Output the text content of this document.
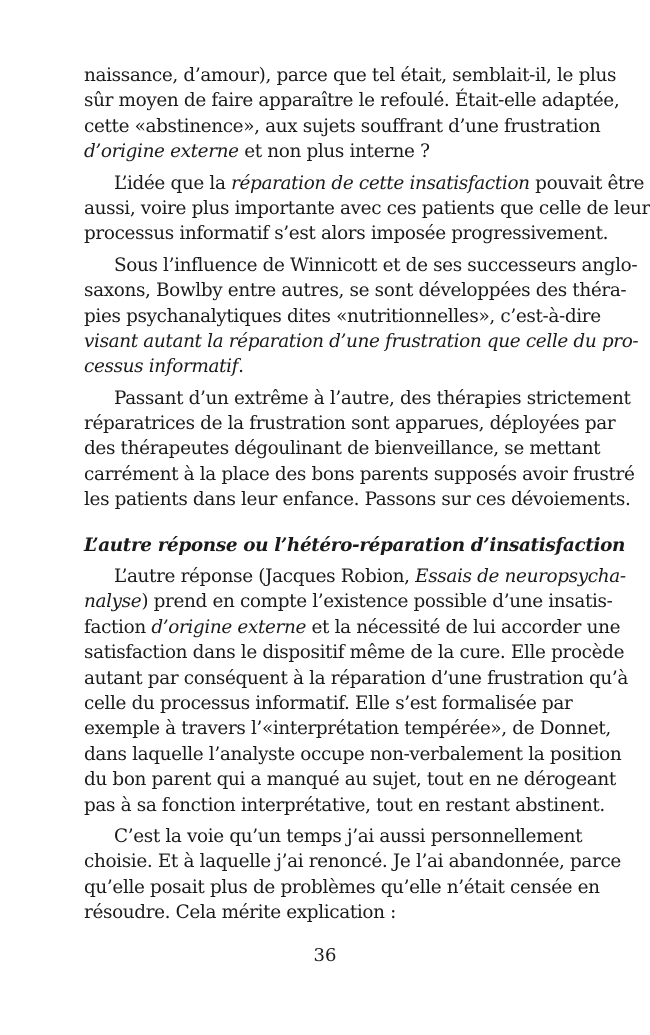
naissance, d’amour), parce que tel était, semblait-il, le plus
sûr moyen de faire apparaître le refoulé. Était-elle adaptée,
cette «abstinence», aux sujets souffrant d’une frustration
d’origine externe et non plus interne ?
L’idée que la réparation de cette insatisfaction pouvait être
aussi, voire plus importante avec ces patients que celle de leur
processus informatif s’est alors imposée progressivement.
Sous l’influence de Winnicott et de ses successeurs anglo-
saxons, Bowlby entre autres, se sont développées des théra-
pies psychanalytiques dites «nutritionnelles», c’est-à-dire
visant autant la réparation d’une frustration que celle du pro-
cessus informatif.
Passant d’un extrême à l’autre, des thérapies strictement
réparatrices de la frustration sont apparues, déployées par
des thérapeutes dégoulinant de bienveillance, se mettant
carrément à la place des bons parents supposés avoir frustré
les patients dans leur enfance. Passons sur ces dévoiements.
L’autre réponse ou l’hétéro-réparation d’insatisfaction
L’autre réponse (Jacques Robion, Essais de neuropsycha-
nalyse) prend en compte l’existence possible d’une insatis-
faction d’origine externe et la nécessité de lui accorder une
satisfaction dans le dispositif même de la cure. Elle procède
autant par conséquent à la réparation d’une frustration qu’à
celle du processus informatif. Elle s’est formalisée par
exemple à travers l’«interprétation tempérée», de Donnet,
dans laquelle l’analyste occupe non-verbalement la position
du bon parent qui a manqué au sujet, tout en ne dérogeant
pas à sa fonction interprétative, tout en restant abstinent.
C’est la voie qu’un temps j’ai aussi personnellement
choisie. Et à laquelle j’ai renoncé. Je l’ai abandonnée, parce
qu’elle posait plus de problèmes qu’elle n’était censée en
résoudre. Cela mérite explication :
36
